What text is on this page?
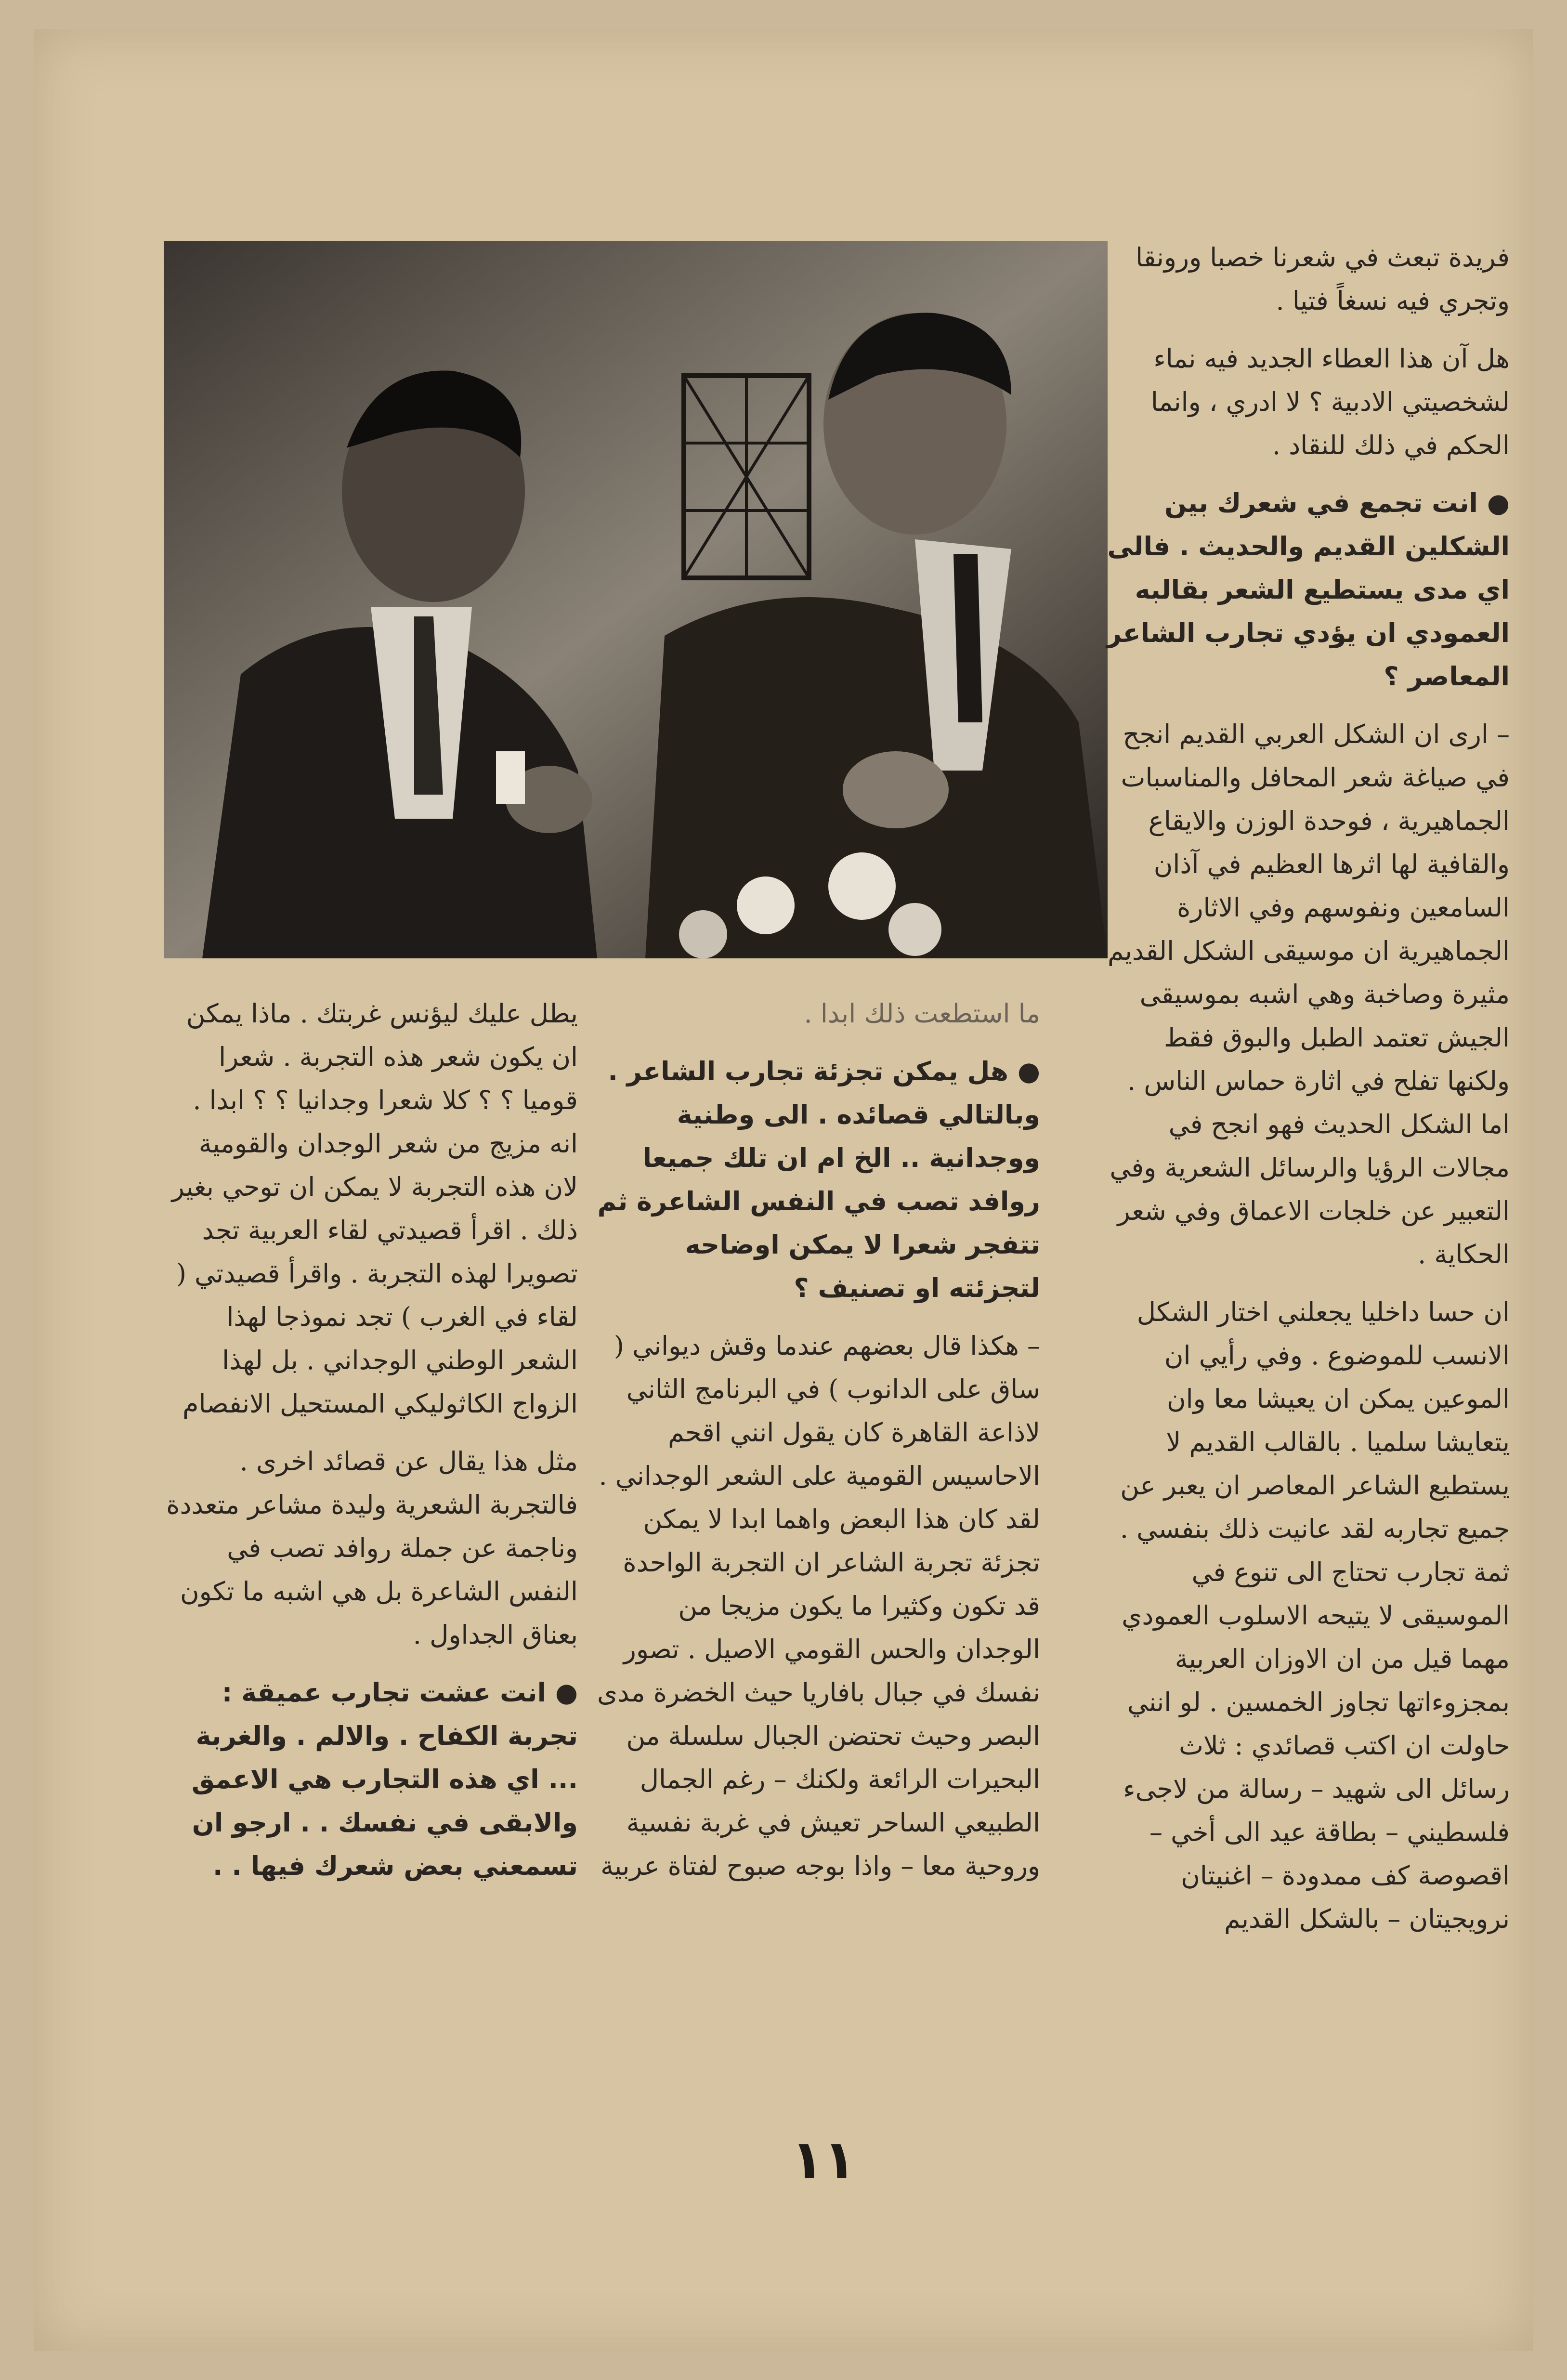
فريدة تبعث في شعرنا خصبا ورونقا وتجري فيه نسغاً فتيا .

هل آن هذا العطاء الجديد فيه نماء لشخصيتي الادبية ؟ لا ادري ، وانما الحكم في ذلك للنقاد .

● انت تجمع في شعرك بين الشكلين القديم والحديث . فالى اي مدى يستطيع الشعر بقالبه العمودي ان يؤدي تجارب الشاعر المعاصر ؟

– ارى ان الشكل العربي القديم انجح في صياغة شعر المحافل والمناسبات الجماهيرية ، فوحدة الوزن والايقاع والقافية لها اثرها العظيم في آذان السامعين ونفوسهم وفي الاثارة الجماهيرية ان موسيقى الشكل القديم مثيرة وصاخبة وهي اشبه بموسيقى الجيش تعتمد الطبل والبوق فقط ولكنها تفلح في اثارة حماس الناس . اما الشكل الحديث فهو انجح في مجالات الرؤيا والرسائل الشعرية وفي التعبير عن خلجات الاعماق وفي شعر الحكاية .

ان حسا داخليا يجعلني اختار الشكل الانسب للموضوع . وفي رأيي ان الموعين يمكن ان يعيشا معا وان يتعايشا سلميا . بالقالب القديم لا يستطيع الشاعر المعاصر ان يعبر عن جميع تجاربه لقد عانيت ذلك بنفسي . ثمة تجارب تحتاج الى تنوع في الموسيقى لا يتيحه الاسلوب العمودي مهما قيل من ان الاوزان العربية بمجزوءاتها تجاوز الخمسين . لو انني حاولت ان اكتب قصائدي : ثلاث رسائل الى شهيد – رسالة من لاجىء فلسطيني – بطاقة عيد الى أخي – اقصوصة كف ممدودة – اغنيتان نرويجيتان – بالشكل القديم

ما استطعت ذلك ابدا .

● هل يمكن تجزئة تجارب الشاعر . وبالتالي قصائده . الى وطنية ووجدانية .. الخ ام ان تلك جميعا روافد تصب في النفس الشاعرة ثم تتفجر شعرا لا يمكن اوضاحه لتجزئته او تصنيف ؟

– هكذا قال بعضهم عندما وقش ديواني ( ساق على الدانوب ) في البرنامج الثاني لاذاعة القاهرة كان يقول انني اقحم الاحاسيس القومية على الشعر الوجداني . لقد كان هذا البعض واهما ابدا لا يمكن تجزئة تجربة الشاعر ان التجربة الواحدة قد تكون وكثيرا ما يكون مزيجا من الوجدان والحس القومي الاصيل . تصور نفسك في جبال بافاريا حيث الخضرة مدى البصر وحيث تحتضن الجبال سلسلة من البحيرات الرائعة ولكنك – رغم الجمال الطبيعي الساحر تعيش في غربة نفسية وروحية معا – واذا بوجه صبوح لفتاة عربية

يطل عليك ليؤنس غربتك . ماذا يمكن ان يكون شعر هذه التجربة . شعرا قوميا ؟ ؟ كلا شعرا وجدانيا ؟ ؟ ابدا . انه مزيج من شعر الوجدان والقومية لان هذه التجربة لا يمكن ان توحي بغير ذلك . اقرأ قصيدتي لقاء العربية تجد تصويرا لهذه التجربة . واقرأ قصيدتي ( لقاء في الغرب ) تجد نموذجا لهذا الشعر الوطني الوجداني . بل لهذا الزواج الكاثوليكي المستحيل الانفصام

مثل هذا يقال عن قصائد اخرى . فالتجربة الشعرية وليدة مشاعر متعددة وناجمة عن جملة روافد تصب في النفس الشاعرة بل هي اشبه ما تكون بعناق الجداول .

● انت عشت تجارب عميقة : تجربة الكفاح . والالم . والغربة ... اي هذه التجارب هي الاعمق والابقى في نفسك . . ارجو ان تسمعني بعض شعرك فيها . .

١١
